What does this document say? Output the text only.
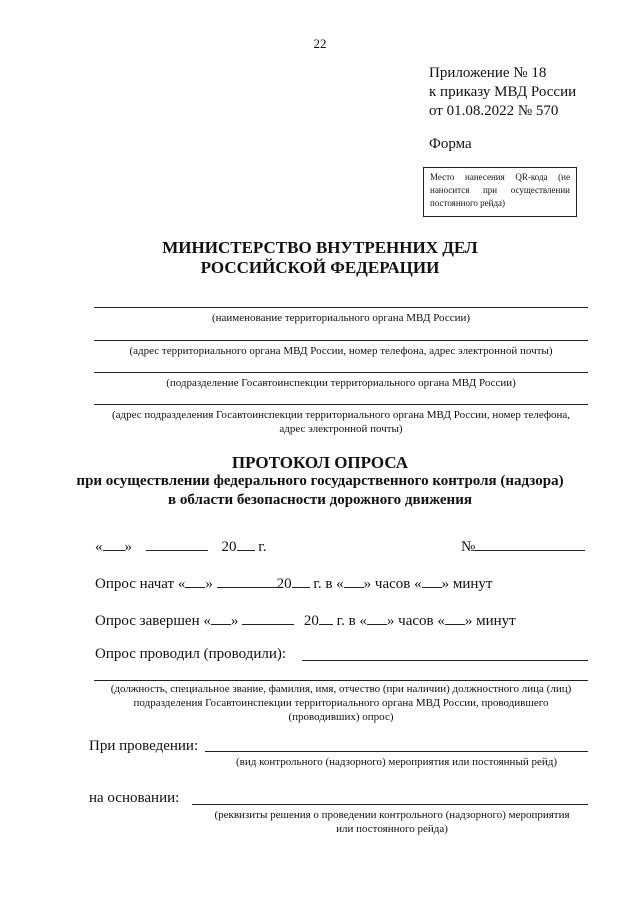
22
Приложение № 18
к приказу МВД России
от 01.08.2022 № 570
Форма
Место нанесения QR-кода (не наносится при осуществлении постоянного рейда)
МИНИСТЕРСТВО ВНУТРЕННИХ ДЕЛ
РОССИЙСКОЙ ФЕДЕРАЦИИ
(наименование территориального органа МВД России)
(адрес территориального органа МВД России, номер телефона, адрес электронной почты)
(подразделение Госавтоинспекции территориального органа МВД России)
(адрес подразделения Госавтоинспекции территориального органа МВД России, номер телефона,
адрес электронной почты)
ПРОТОКОЛ ОПРОСА
при осуществлении федерального государственного контроля (надзора)
в области безопасности дорожного движения
« »	20 г.	№
Опрос начат « »	20 г. в « » часов « » минут
Опрос завершен « »	20 г. в « » часов « » минут
Опрос проводил (проводили):
(должность, специальное звание, фамилия, имя, отчество (при наличии) должностного лица (лиц)
подразделения Госавтоинспекции территориального органа МВД России, проводившего
(проводивших) опрос)
При проведении:
(вид контрольного (надзорного) мероприятия или постоянный рейд)
на основании:
(реквизиты решения о проведении контрольного (надзорного) мероприятия
или постоянного рейда)
